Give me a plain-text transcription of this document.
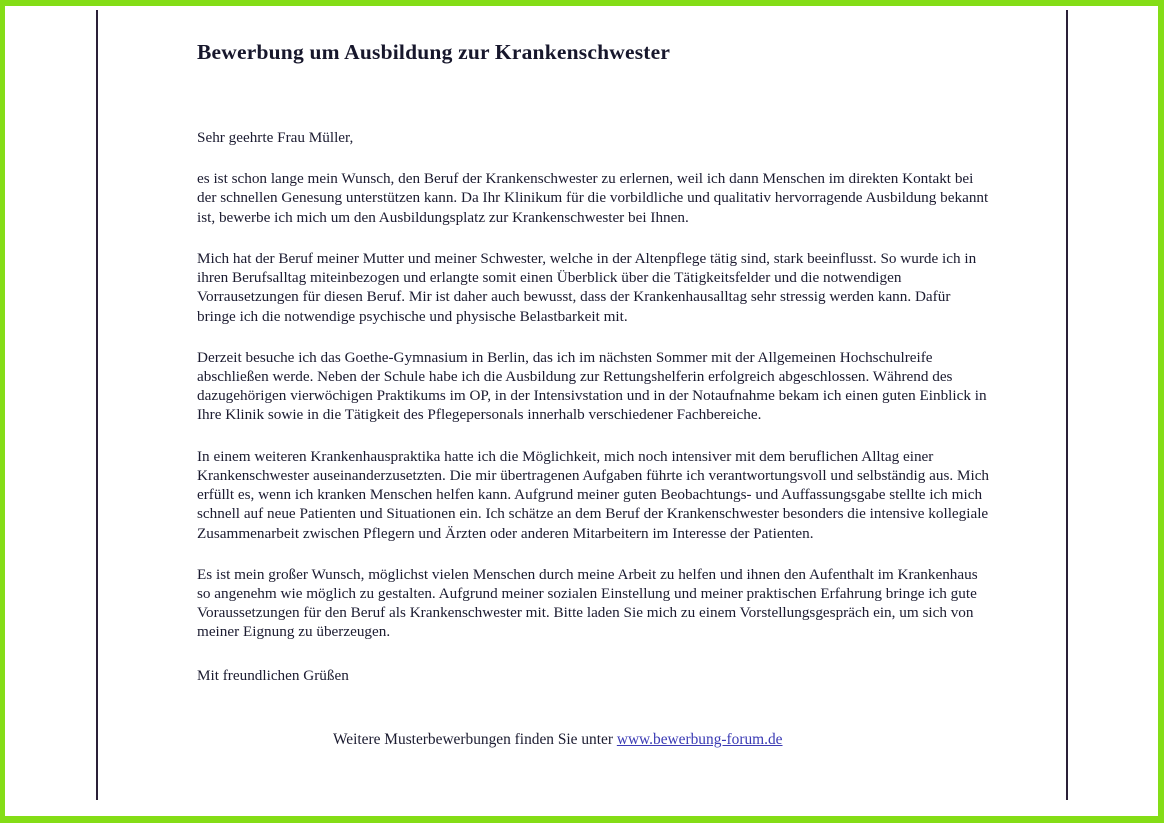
Bewerbung um Ausbildung zur Krankenschwester

Sehr geehrte Frau Müller,

es ist schon lange mein Wunsch, den Beruf der Krankenschwester zu erlernen, weil ich dann Menschen im direkten Kontakt bei der schnellen Genesung unterstützen kann. Da Ihr Klinikum für die vorbildliche und qualitativ hervorragende Ausbildung bekannt ist, bewerbe ich mich um den Ausbildungsplatz zur Krankenschwester bei Ihnen.

Mich hat der Beruf meiner Mutter und meiner Schwester, welche in der Altenpflege tätig sind, stark beeinflusst. So wurde ich in ihren Berufsalltag miteinbezogen und erlangte somit einen Überblick über die Tätigkeitsfelder und die notwendigen Vorrausetzungen für diesen Beruf. Mir ist daher auch bewusst, dass der Krankenhausalltag sehr stressig werden kann. Dafür bringe ich die notwendige psychische und physische Belastbarkeit mit.

Derzeit besuche ich das Goethe-Gymnasium in Berlin, das ich im nächsten Sommer mit der Allgemeinen Hochschulreife abschließen werde. Neben der Schule habe ich die Ausbildung zur Rettungshelferin erfolgreich abgeschlossen. Während des dazugehörigen vierwöchigen Praktikums im OP, in der Intensivstation und in der Notaufnahme bekam ich einen guten Einblick in Ihre Klinik sowie in die Tätigkeit des Pflegepersonals innerhalb verschiedener Fachbereiche.

In einem weiteren Krankenhauspraktika hatte ich die Möglichkeit, mich noch intensiver mit dem beruflichen Alltag einer Krankenschwester auseinanderzusetzten. Die mir übertragenen Aufgaben führte ich verantwortungsvoll und selbständig aus. Mich erfüllt es, wenn ich kranken Menschen helfen kann. Aufgrund meiner guten Beobachtungs- und Auffassungsgabe stellte ich mich schnell auf neue Patienten und Situationen ein. Ich schätze an dem Beruf der Krankenschwester besonders die intensive kollegiale Zusammenarbeit zwischen Pflegern und Ärzten oder anderen Mitarbeitern im Interesse der Patienten.

Es ist mein großer Wunsch, möglichst vielen Menschen durch meine Arbeit zu helfen und ihnen den Aufenthalt im Krankenhaus so angenehm wie möglich zu gestalten. Aufgrund meiner sozialen Einstellung und meiner praktischen Erfahrung bringe ich gute Voraussetzungen für den Beruf als Krankenschwester mit. Bitte laden Sie mich zu einem Vorstellungsgespräch ein, um sich von meiner Eignung zu überzeugen.

Mit freundlichen Grüßen

Weitere Musterbewerbungen finden Sie unter www.bewerbung-forum.de
